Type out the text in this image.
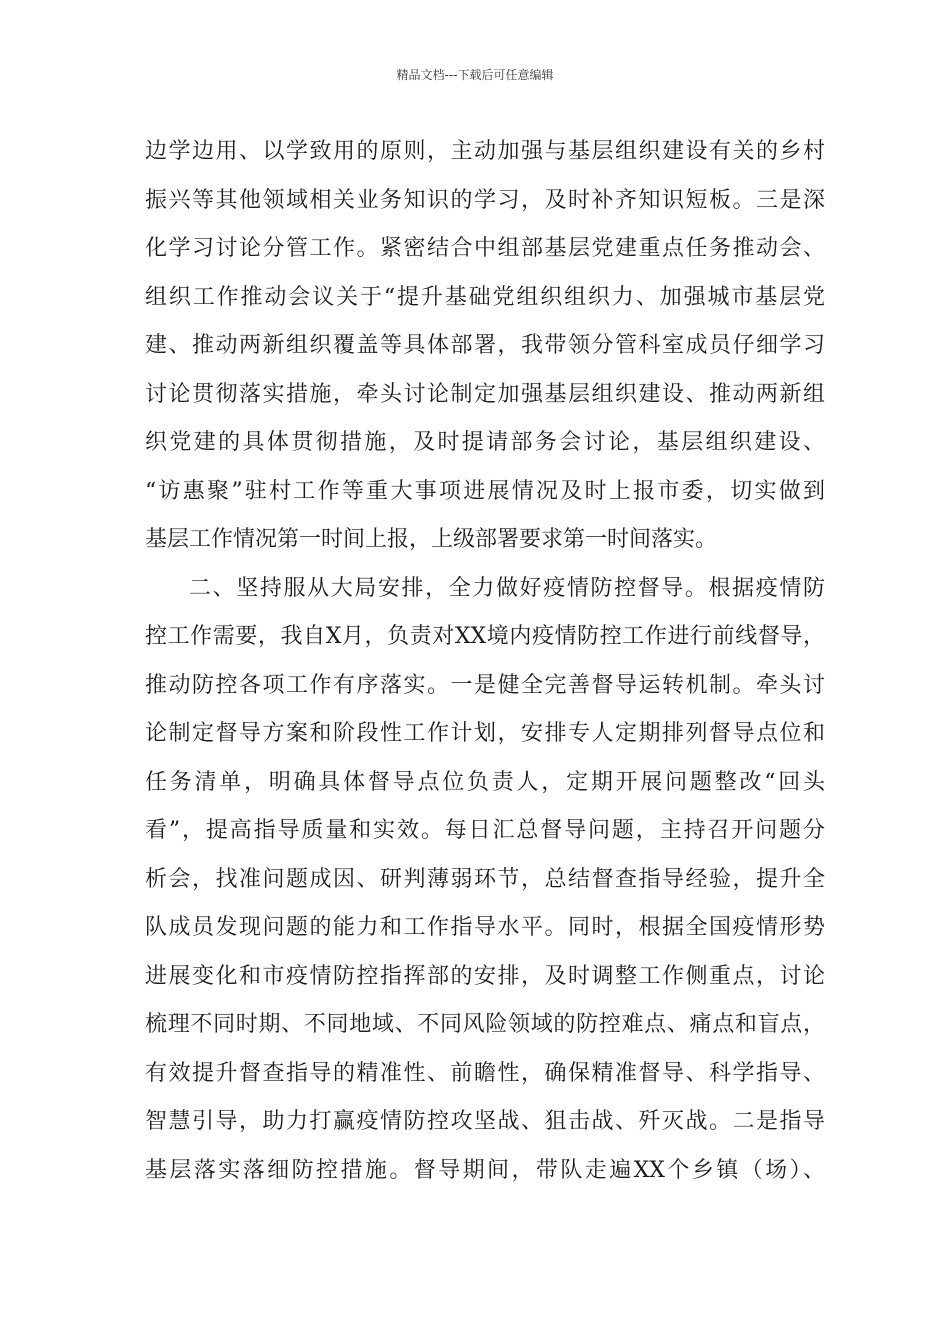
精品文档---下载后可任意编辑
边学边用、以学致用的原则，主动加强与基层组织建设有关的乡村
振兴等其他领域相关业务知识的学习，及时补齐知识短板。三是深
化学习讨论分管工作。紧密结合中组部基层党建重点任务推动会、
组织工作推动会议关于“提升基础党组织组织力、加强城市基层党
建、推动两新组织覆盖等具体部署，我带领分管科室成员仔细学习
讨论贯彻落实措施，牵头讨论制定加强基层组织建设、推动两新组
织党建的具体贯彻措施，及时提请部务会讨论，基层组织建设、
“访惠聚”驻村工作等重大事项进展情况及时上报市委，切实做到
基层工作情况第一时间上报，上级部署要求第一时间落实。
二、坚持服从大局安排，全力做好疫情防控督导。根据疫情防
控工作需要，我自X月，负责对XX境内疫情防控工作进行前线督导，
推动防控各项工作有序落实。一是健全完善督导运转机制。牵头讨
论制定督导方案和阶段性工作计划，安排专人定期排列督导点位和
任务清单，明确具体督导点位负责人，定期开展问题整改“回头
看”，提高指导质量和实效。每日汇总督导问题，主持召开问题分
析会，找准问题成因、研判薄弱环节，总结督查指导经验，提升全
队成员发现问题的能力和工作指导水平。同时，根据全国疫情形势
进展变化和市疫情防控指挥部的安排，及时调整工作侧重点，讨论
梳理不同时期、不同地域、不同风险领域的防控难点、痛点和盲点，
有效提升督查指导的精准性、前瞻性，确保精准督导、科学指导、
智慧引导，助力打赢疫情防控攻坚战、狙击战、歼灭战。二是指导
基层落实落细防控措施。督导期间，带队走遍XX个乡镇（场）、
